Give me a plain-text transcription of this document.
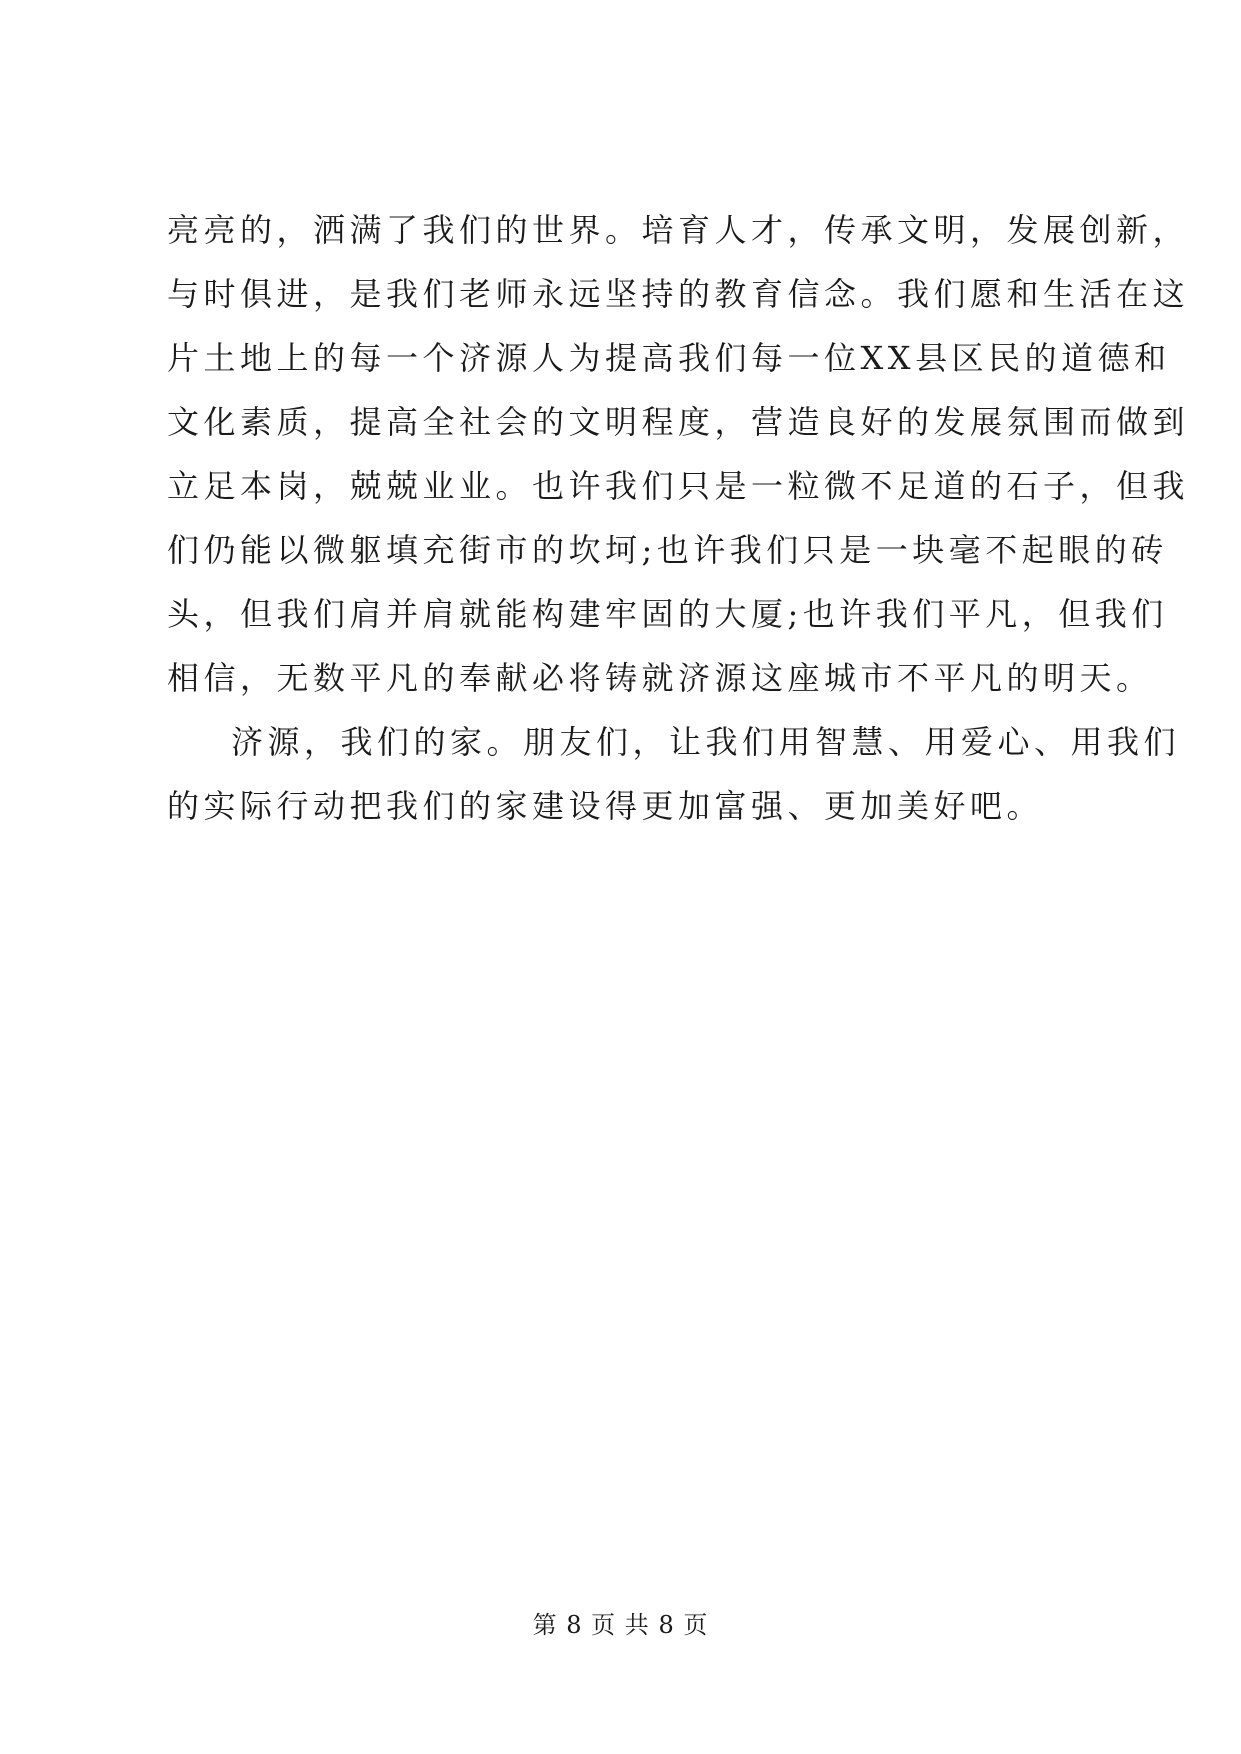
亮亮的，洒满了我们的世界。培育人才，传承文明，发展创新，
与时俱进，是我们老师永远坚持的教育信念。我们愿和生活在这
片土地上的每一个济源人为提高我们每一位XX县区民的道德和
文化素质，提高全社会的文明程度，营造良好的发展氛围而做到
立足本岗，兢兢业业。也许我们只是一粒微不足道的石子，但我
们仍能以微躯填充街市的坎坷;也许我们只是一块毫不起眼的砖
头，但我们肩并肩就能构建牢固的大厦;也许我们平凡，但我们
相信，无数平凡的奉献必将铸就济源这座城市不平凡的明天。
济源，我们的家。朋友们，让我们用智慧、用爱心、用我们
的实际行动把我们的家建设得更加富强、更加美好吧。
第 8 页 共 8 页
